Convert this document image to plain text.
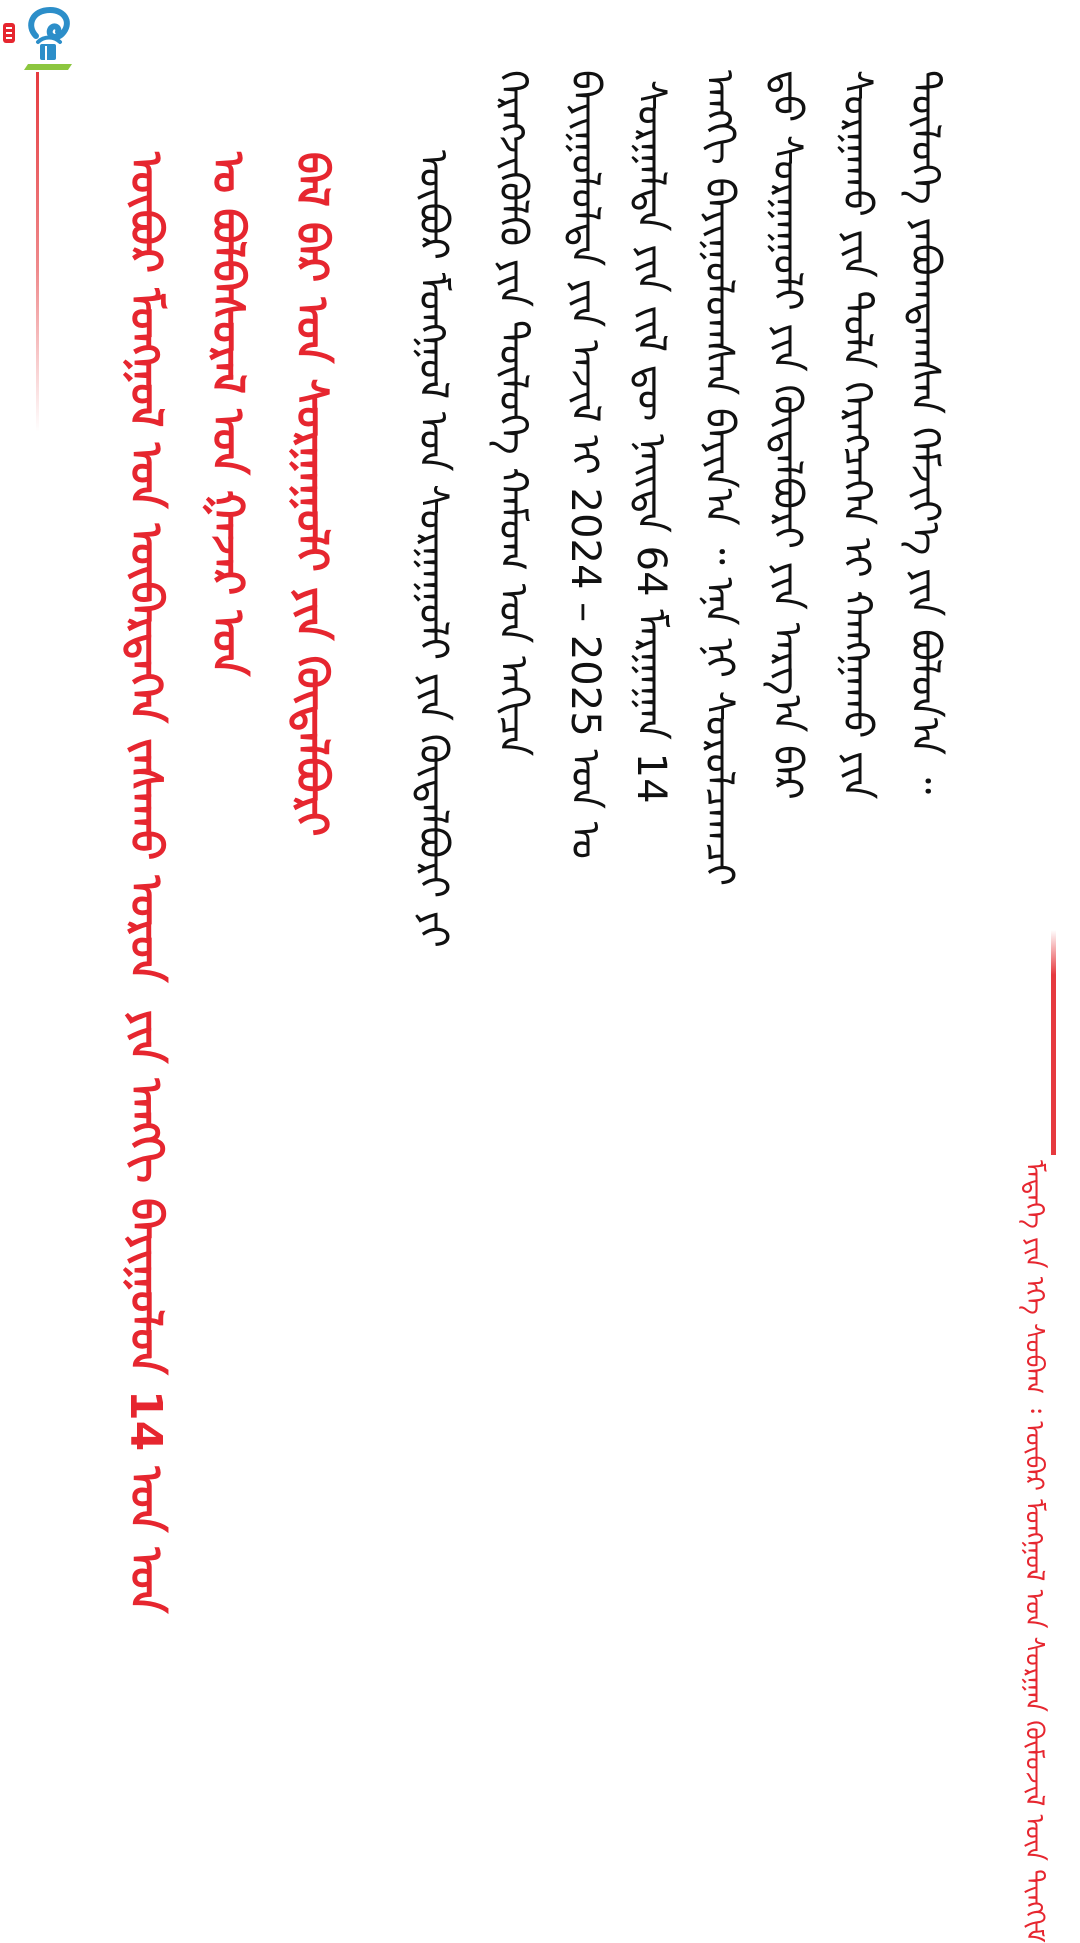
ᠦᠪᠦᠷ ᠮᠣᠩᠭᠣᠯ ᠤᠨ ᠥᠪᠡᠷᠲᠡᠭᠡᠨ ᠵᠠᠰᠠᠬᠤ ᠣᠷᠣᠨ ᠤ ᠪᠣᠯᠪᠠᠰᠤᠷᠠᠯ ᠤᠨ ᠭᠠᠵᠠᠷ ᠤᠨ ᠪᠠᠯ ᠪᠠᠷ ᠤᠨ ᠰᠤᠷᠭᠠᠭᠤᠯᠢ ᠶᠢᠨ ᠬᠥᠲᠡᠯᠪᠦᠷᠢ
ᠶᠢᠨ ᠠᠩᠭᠢ ᠪᠠᠶᠢᠭᠤᠯᠤᠨ 14 ᠤᠨ ᠣᠨ
ᠦᠪᠦᠷ ᠮᠣᠩᠭᠣᠯ ᠤᠨ ᠰᠤᠷᠭᠠᠭᠤᠯᠢ ᠶᠢᠨ ᠬᠥᠲᠡᠯᠪᠦᠷᠢ ᠶᠢ ᠬᠡᠷᠡᠭᠵᠢᠭᠦᠯᠬᠦ ᠶᠢᠨ ᠲᠥᠯᠥᠭᠡ ᠬᠠᠮᠤᠭ ᠤᠨ ᠠᠬᠢᠴᠠ ᠪᠠᠶᠢᠭᠤᠯᠤᠯᠲᠠ ᠶᠢᠨ ᠠᠵᠢᠯ ᠢ 2024 – 2025 ᠣᠨ ᠤ ᠰᠤᠷᠭᠠᠯᠲᠠ ᠶᠢᠨ ᠵᠢᠯ ᠳᠦ ᠨᠡᠢᠲᠡ 64 ᠮᠠᠷᠭᠠᠭᠠᠨ 14 ᠠᠩᠭᠢ ᠪᠠᠶᠢᠭᠤᠯᠤᠭᠰᠠᠨ ᠪᠠᠶᠢᠨ᠎ᠠ ᠃ ᠡᠨᠡ ᠨᠢ ᠰᠤᠷᠤᠯᠴᠠᠭᠴᠢ ᠳ᠋ᠤ ᠰᠤᠷᠭᠠᠭᠤᠯᠢ ᠶᠢᠨ ᠬᠥᠲᠡᠯᠪᠦᠷᠢ ᠶᠢᠨ ᠠᠷᠭ᠎ᠠ ᠪᠠᠷ ᠰᠤᠷᠭᠠᠬᠤ ᠶᠢᠨ ᠲᠤᠯᠠ ᠬᠡᠷᠡᠭᠴᠡᠭᠡᠨ ᠢ ᠬᠠᠩᠭᠠᠬᠤ ᠶᠢᠨ ᠲᠥᠯᠥᠭᠡ ᠶᠠᠪᠤᠭᠳᠠᠭᠰᠠᠨ ᠬᠡᠮᠵᠢᠶ᠎ᠡ ᠶᠢᠨ ᠪᠣᠯᠤᠨ᠎ᠠ ᠃
ᠮᠡᠳᠡᠭᠡ ᠶᠢᠨ ᠡᠬᠡ ᠰᠤᠪᠠᠭ ᠄ ᠥᠪᠡᠷ ᠮᠣᠩᠭᠣᠯ ᠤᠨ ᠰᠤᠷᠭᠠᠨ ᠬᠥᠮᠦᠵᠢᠯ ᠦᠨ ᠲᠢᠩᠬᠢᠮ
